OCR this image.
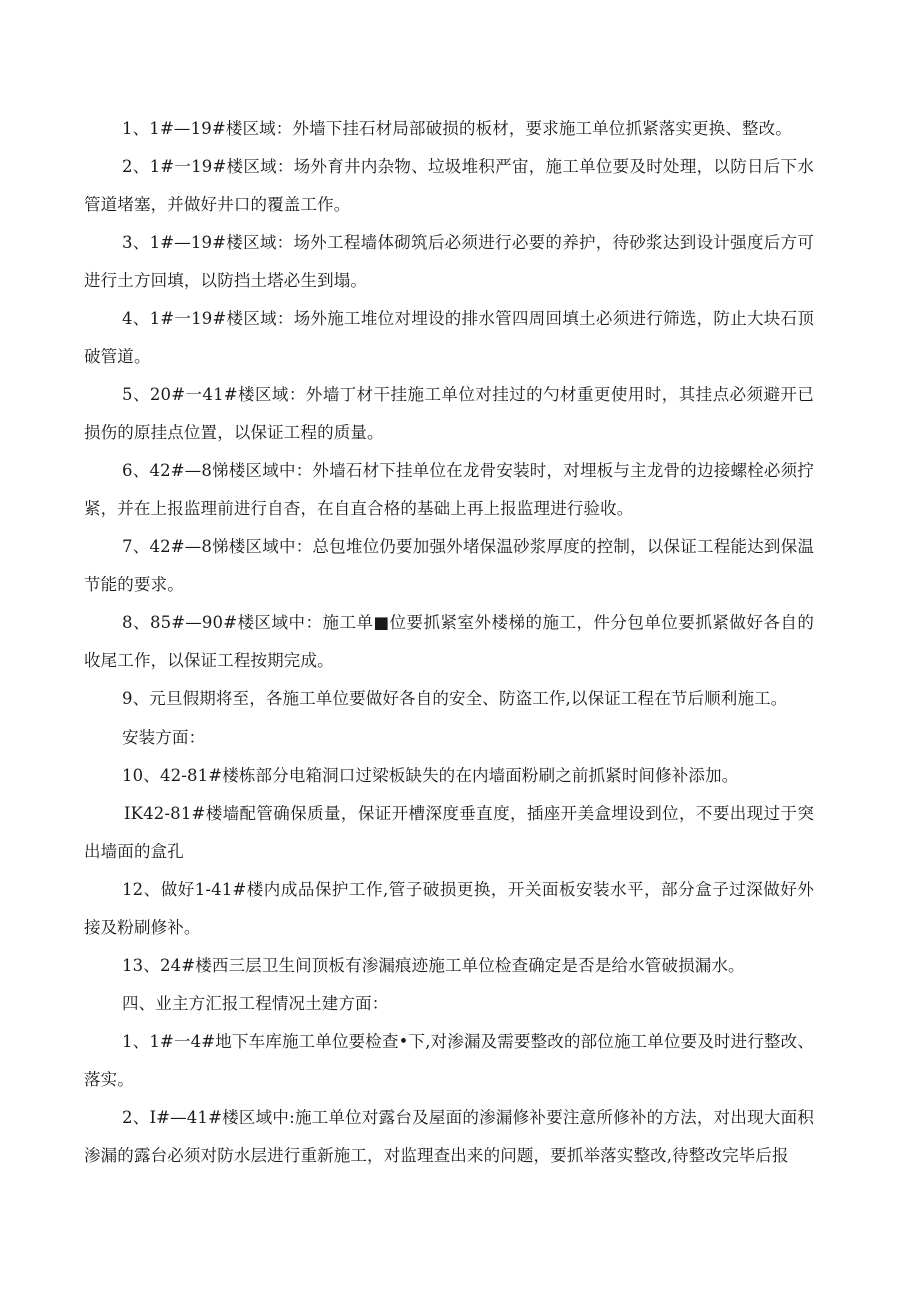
1、1#—19#楼区域：外墙下挂石材局部破损的板材，要求施工单位抓紧落实更换、整改。

2、1#一19#楼区域：场外育井内杂物、垃圾堆积严宙，施工单位要及时处理，以防日后下水管道堵塞，并做好井口的覆盖工作。

3、1#—19#楼区域：场外工程墙体砌筑后必须进行必要的养护，待砂浆达到设计强度后方可进行土方回填，以防挡土塔必生到塌。

4、1#一19#楼区域：场外施工堆位对埋设的排水管四周回填土必须进行筛选，防止大块石顶破管道。

5、20#一41#楼区域：外墙丁材干挂施工单位对挂过的勺材重更使用时，其挂点必须避开已损伤的原挂点位置，以保证工程的质量。

6、42#—8悌楼区域中：外墙石材下挂单位在龙骨安装时，对埋板与主龙骨的边接螺栓必须拧紧，并在上报监理前进行自杳，在自直合格的基础上再上报监理进行验收。

7、42#—8悌楼区域中：总包堆位仍要加强外堵保温砂浆厚度的控制，以保证工程能达到保温节能的要求。

8、85#—90#楼区域中：施工单■位要抓紧室外楼梯的施工，件分包单位要抓紧做好各自的收尾工作，以保证工程按期完成。

9、元旦假期将至，各施工单位要做好各自的安全、防盗工作,以保证工程在节后顺利施工。

安装方面：

10、42-81#楼栋部分电箱洞口过梁板缺失的在内墙面粉刷之前抓紧时间修补添加。

IK42-81#楼墙配管确保质量，保证开槽深度垂直度，插座开美盒埋设到位，不要出现过于突出墙面的盒孔

12、做好1-41#楼内成品保护工作,管子破损更换，开关面板安装水平，部分盒子过深做好外接及粉刷修补。

13、24#楼西三层卫生间顶板有渗漏痕迹施工单位检查确定是否是给水管破损漏水。

四、业主方汇报工程情况土建方面：

1、1#一4#地下车库施工单位要检查•下,对渗漏及需要整改的部位施工单位要及时进行整改、落实。

2、I#—41#楼区域中:施工单位对露台及屋面的渗漏修补要注意所修补的方法，对出现大面积渗漏的露台必须对防水层进行重新施工，对监理查出来的问题，要抓举落实整改,待整改完毕后报
